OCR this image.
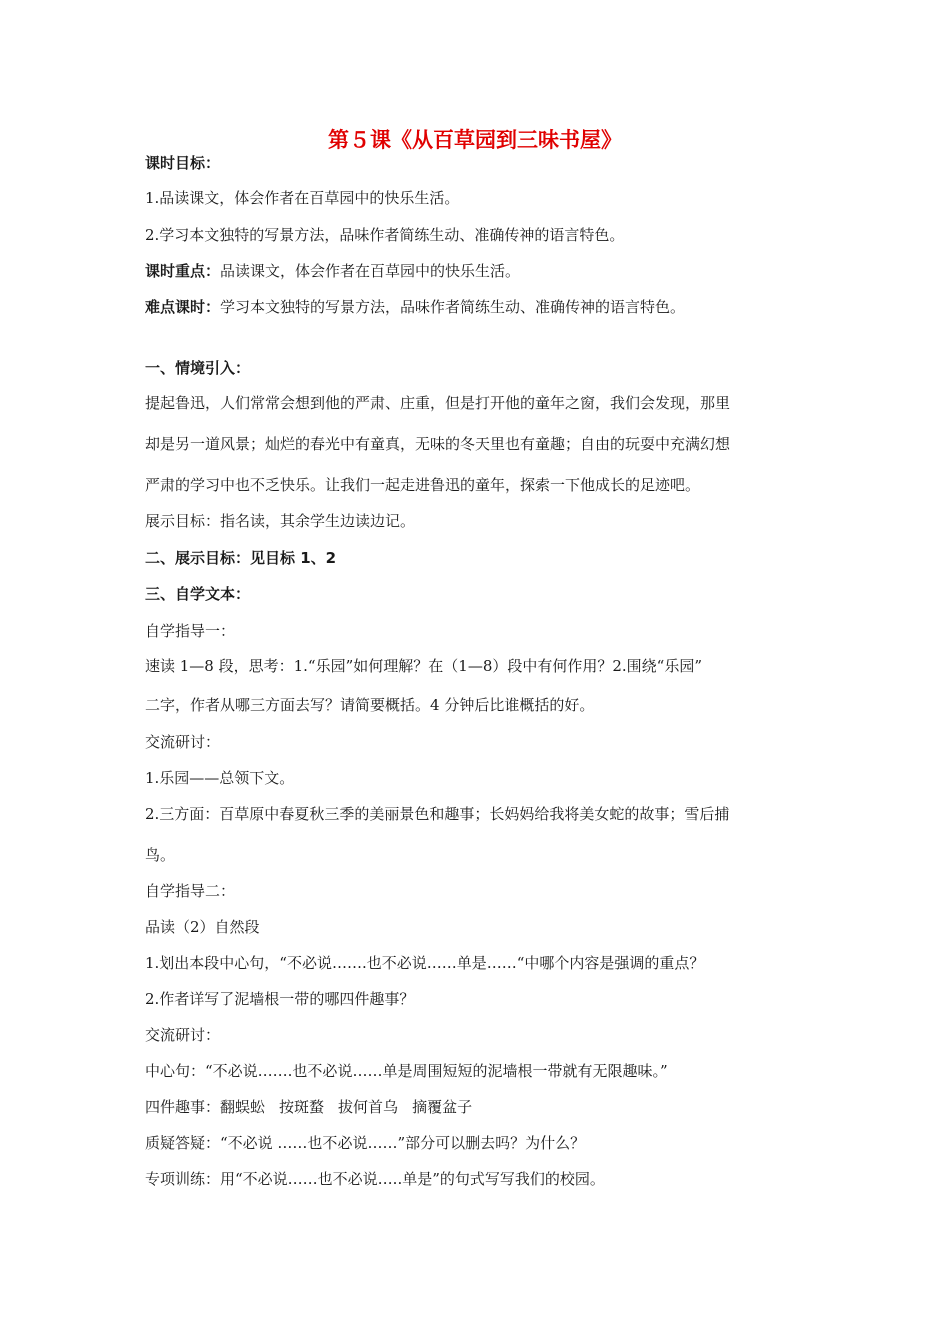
第５课《从百草园到三味书屋》

课时目标：

1.品读课文，体会作者在百草园中的快乐生活。

2.学习本文独特的写景方法，品味作者简练生动、准确传神的语言特色。

课时重点：品读课文，体会作者在百草园中的快乐生活。

难点课时：学习本文独特的写景方法，品味作者简练生动、准确传神的语言特色。

一、情境引入：

提起鲁迅，人们常常会想到他的严肃、庄重，但是打开他的童年之窗，我们会发现，那里

却是另一道风景；灿烂的春光中有童真，无味的冬天里也有童趣；自由的玩耍中充满幻想

严肃的学习中也不乏快乐。让我们一起走进鲁迅的童年，探索一下他成长的足迹吧。

展示目标：指名读，其余学生边读边记。

二、展示目标：见目标 1、2

三、自学文本：

自学指导一：

速读 1—8 段，思考：1.“乐园”如何理解？在（1—8）段中有何作用？2.围绕“乐园”

二字，作者从哪三方面去写？请简要概括。4 分钟后比谁概括的好。

交流研讨：

1.乐园——总领下文。

2.三方面：百草原中春夏秋三季的美丽景色和趣事；长妈妈给我将美女蛇的故事；雪后捕

鸟。

自学指导二：

品读（2）自然段

1.划出本段中心句，“不必说…….也不必说……单是……“中哪个内容是强调的重点？

2.作者详写了泥墙根一带的哪四件趣事？

交流研讨：

中心句：“不必说…….也不必说……单是周围短短的泥墙根一带就有无限趣味。”

四件趣事：翻蜈蚣 按斑蝥 拔何首乌 摘覆盆子

质疑答疑：“不必说 ……也不必说……”部分可以删去吗？为什么？

专项训练：用“不必说……也不必说…..单是”的句式写写我们的校园。
